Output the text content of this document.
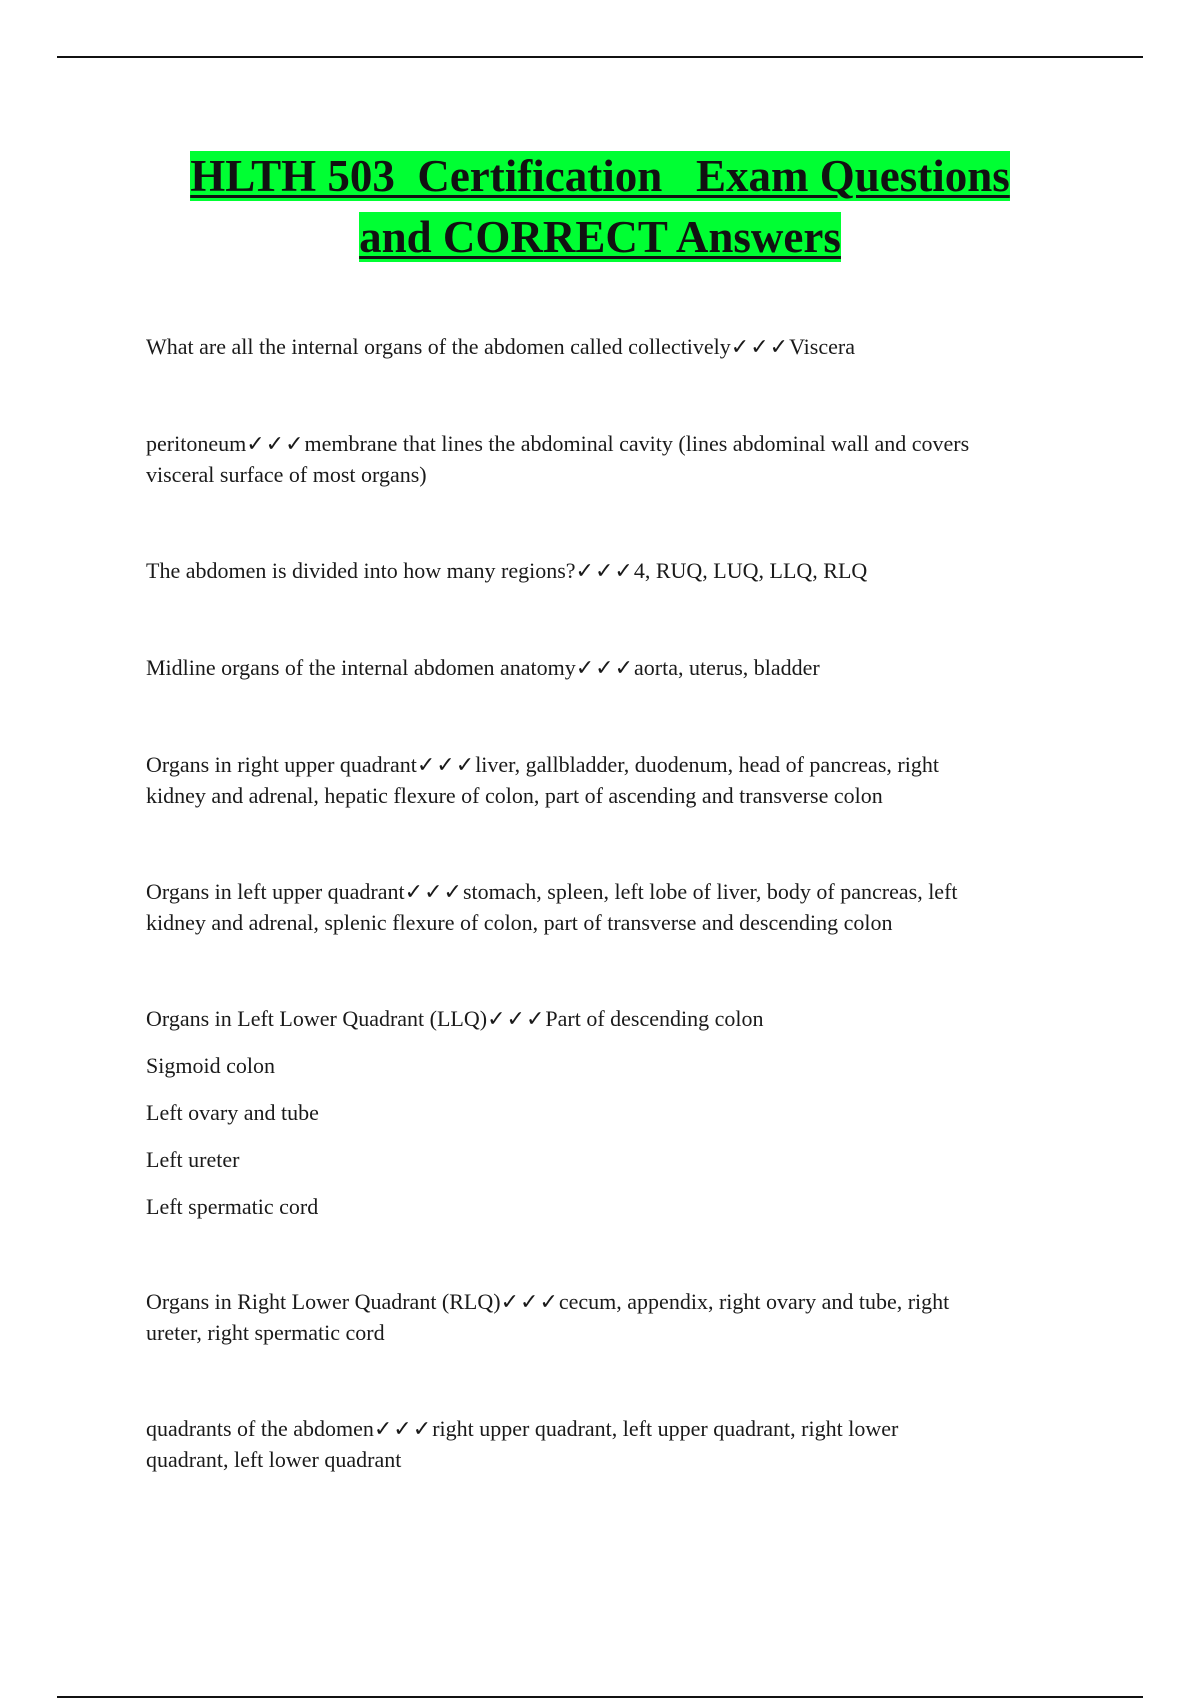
HLTH 503  Certification   Exam Questions
and CORRECT Answers

What are all the internal organs of the abdomen called collectively✓✓✓Viscera

peritoneum✓✓✓membrane that lines the abdominal cavity (lines abdominal wall and covers
visceral surface of most organs)

The abdomen is divided into how many regions?✓✓✓4, RUQ, LUQ, LLQ, RLQ

Midline organs of the internal abdomen anatomy✓✓✓aorta, uterus, bladder

Organs in right upper quadrant✓✓✓liver, gallbladder, duodenum, head of pancreas, right
kidney and adrenal, hepatic flexure of colon, part of ascending and transverse colon

Organs in left upper quadrant✓✓✓stomach, spleen, left lobe of liver, body of pancreas, left
kidney and adrenal, splenic flexure of colon, part of transverse and descending colon

Organs in Left Lower Quadrant (LLQ)✓✓✓Part of descending colon
Sigmoid colon
Left ovary and tube
Left ureter
Left spermatic cord

Organs in Right Lower Quadrant (RLQ)✓✓✓cecum, appendix, right ovary and tube, right
ureter, right spermatic cord

quadrants of the abdomen✓✓✓right upper quadrant, left upper quadrant, right lower
quadrant, left lower quadrant
